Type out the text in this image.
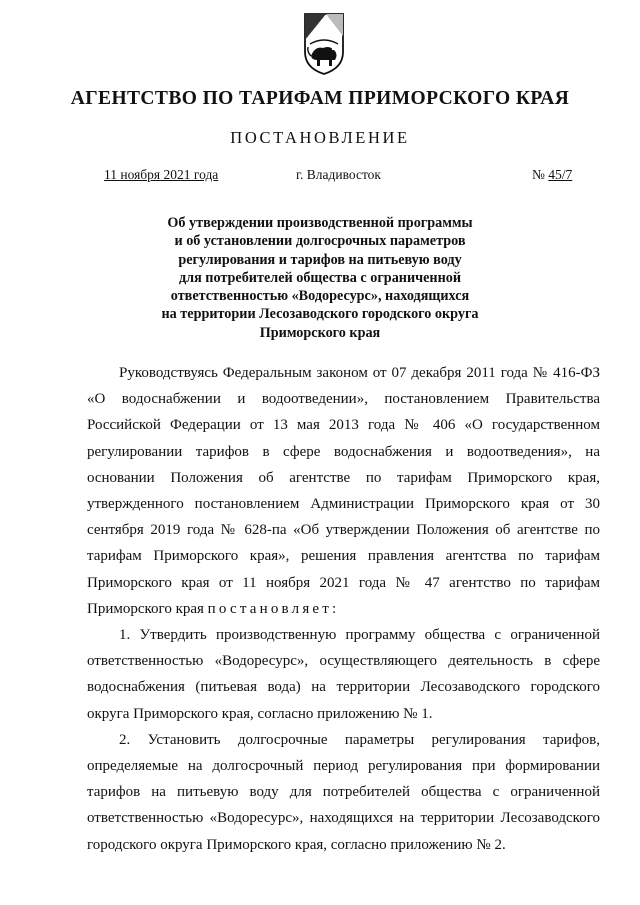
АГЕНТСТВО ПО ТАРИФАМ ПРИМОРСКОГО КРАЯ
ПОСТАНОВЛЕНИЕ
11 ноября 2021 года	г. Владивосток	№ 45/7
Об утверждении производственной программы
и об установлении долгосрочных параметров
регулирования и тарифов на питьевую воду
для потребителей общества с ограниченной
ответственностью «Водоресурс», находящихся
на территории Лесозаводского городского округа
Приморского края

Руководствуясь Федеральным законом от 07 декабря 2011 года № 416-ФЗ «О водоснабжении и водоотведении», постановлением Правительства Российской Федерации от 13 мая 2013 года № 406 «О государственном регулировании тарифов в сфере водоснабжения и водоотведения», на основании Положения об агентстве по тарифам Приморского края, утвержденного постановлением Администрации Приморского края от 30 сентября 2019 года № 628-па «Об утверждении Положения об агентстве по тарифам Приморского края», решения правления агентства по тарифам Приморского края от 11 ноября 2021 года № 47 агентство по тарифам Приморского края постановляет:

1. Утвердить производственную программу общества с ограниченной ответственностью «Водоресурс», осуществляющего деятельность в сфере водоснабжения (питьевая вода) на территории Лесозаводского городского округа Приморского края, согласно приложению № 1.

2. Установить долгосрочные параметры регулирования тарифов, определяемые на долгосрочный период регулирования при формировании тарифов на питьевую воду для потребителей общества с ограниченной ответственностью «Водоресурс», находящихся на территории Лесозаводского городского округа Приморского края, согласно приложению № 2.
